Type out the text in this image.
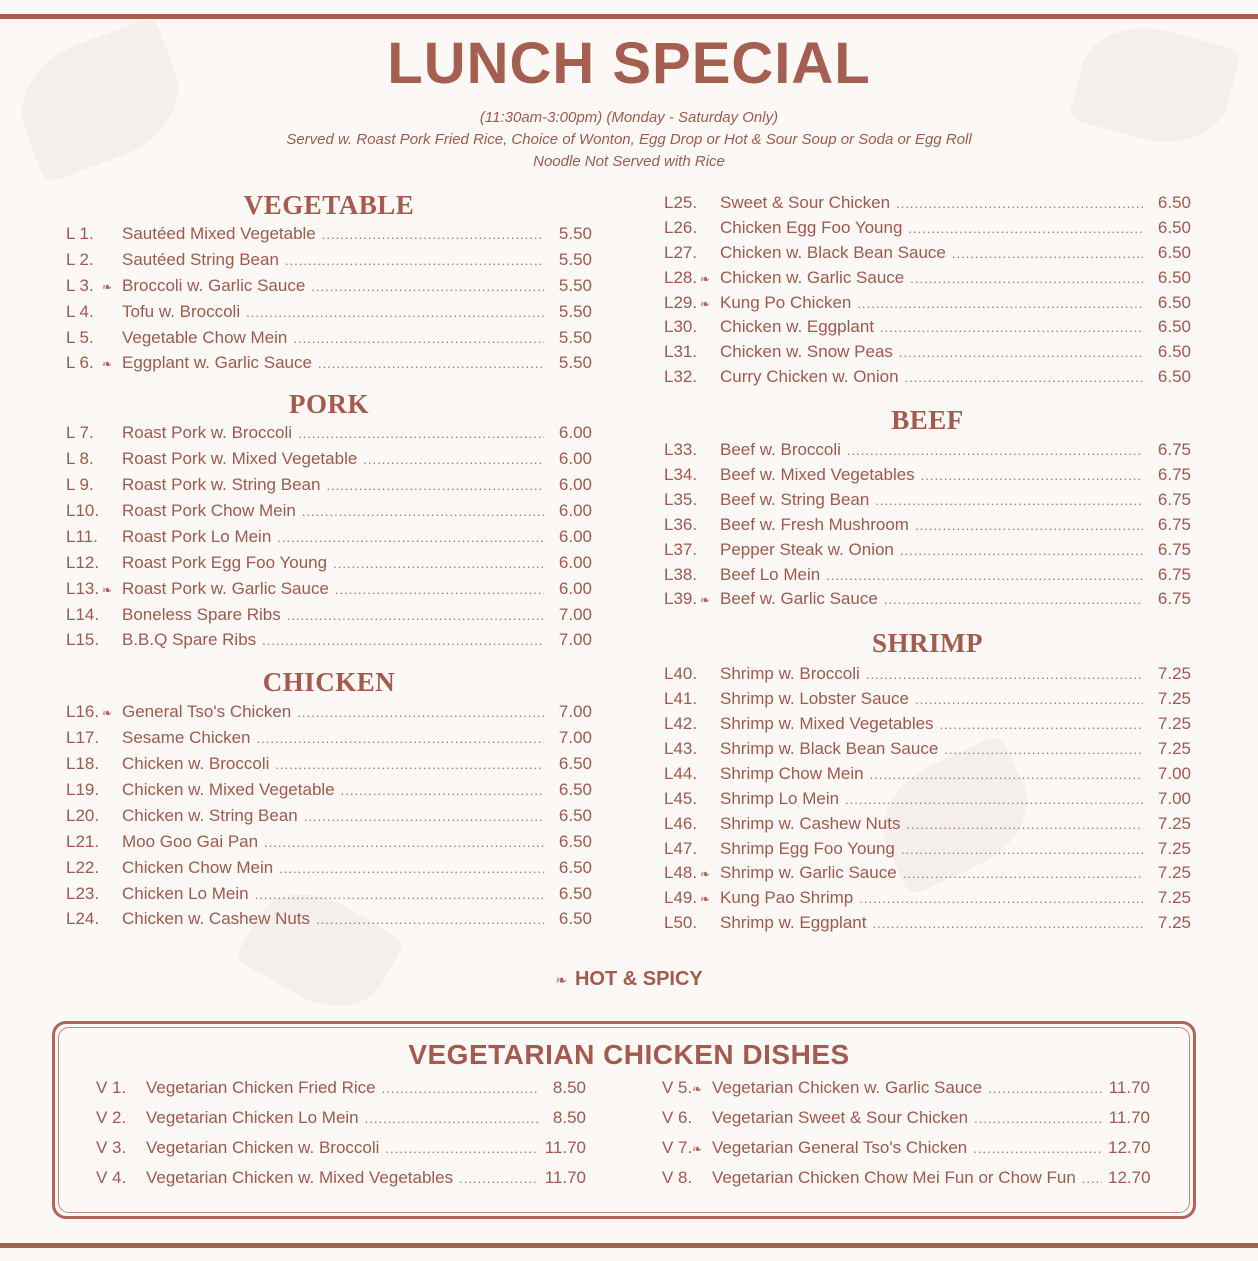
LUNCH SPECIAL
(11:30am-3:00pm) (Monday - Saturday Only)
Served w. Roast Pork Fried Rice, Choice of Wonton, Egg Drop or Hot & Sour Soup or Soda or Egg Roll
Noodle Not Served with Rice
VEGETABLE
L 1.	Sautéed Mixed Vegetable .....	5.50
L 2.	Sautéed String Bean .....	5.50
L 3. ❧ Broccoli w. Garlic Sauce .....	5.50
L 4.	Tofu w. Broccoli .....	5.50
L 5.	Vegetable Chow Mein .....	5.50
L 6. ❧ Eggplant w. Garlic Sauce .....	5.50
PORK
L 7.	Roast Pork w. Broccoli .....	6.00
L 8.	Roast Pork w. Mixed Vegetable .....	6.00
L 9.	Roast Pork w. String Bean .....	6.00
L10. Roast Pork Chow Mein .....	6.00
L11. Roast Pork Lo Mein .....	6.00
L12. Roast Pork Egg Foo Young .....	6.00
L13. ❧ Roast Pork w. Garlic Sauce .....	6.00
L14. Boneless Spare Ribs .....	7.00
L15. B.B.Q Spare Ribs .....	7.00
CHICKEN
L16. ❧ General Tso's Chicken .....	7.00
L17. Sesame Chicken .....	7.00
L18. Chicken w. Broccoli .....	6.50
L19. Chicken w. Mixed Vegetable .....	6.50
L20. Chicken w. String Bean .....	6.50
L21. Moo Goo Gai Pan .....	6.50
L22. Chicken Chow Mein .....	6.50
L23. Chicken Lo Mein .....	6.50
L24. Chicken w. Cashew Nuts .....	6.50
L25. Sweet & Sour Chicken .....	6.50
L26. Chicken Egg Foo Young .....	6.50
L27. Chicken w. Black Bean Sauce .....	6.50
L28. ❧ Chicken w. Garlic Sauce .....	6.50
L29. ❧ Kung Po Chicken .....	6.50
L30. Chicken w. Eggplant .....	6.50
L31. Chicken w. Snow Peas .....	6.50
L32. Curry Chicken w. Onion .....	6.50
BEEF
L33. Beef w. Broccoli .....	6.75
L34. Beef w. Mixed Vegetables .....	6.75
L35. Beef w. String Bean .....	6.75
L36. Beef w. Fresh Mushroom .....	6.75
L37. Pepper Steak w. Onion .....	6.75
L38. Beef Lo Mein .....	6.75
L39. ❧ Beef w. Garlic Sauce .....	6.75
SHRIMP
L40. Shrimp w. Broccoli .....	7.25
L41. Shrimp w. Lobster Sauce .....	7.25
L42. Shrimp w. Mixed Vegetables .....	7.25
L43. Shrimp w. Black Bean Sauce .....	7.25
L44. Shrimp Chow Mein .....	7.00
L45. Shrimp Lo Mein .....	7.00
L46. Shrimp w. Cashew Nuts .....	7.25
L47. Shrimp Egg Foo Young .....	7.25
L48. ❧ Shrimp w. Garlic Sauce .....	7.25
L49. ❧ Kung Pao Shrimp .....	7.25
L50. Shrimp w. Eggplant .....	7.25
❧ HOT & SPICY
VEGETARIAN CHICKEN DISHES
V 1. Vegetarian Chicken Fried Rice .....	8.50
V 2. Vegetarian Chicken Lo Mein .....	8.50
V 3. Vegetarian Chicken w. Broccoli .....	11.70
V 4. Vegetarian Chicken w. Mixed Vegetables .....	11.70
V 5. ❧ Vegetarian Chicken w. Garlic Sauce .....	11.70
V 6. Vegetarian Sweet & Sour Chicken .....	11.70
V 7. ❧ Vegetarian General Tso's Chicken .....	12.70
V 8. Vegetarian Chicken Chow Mei Fun or Chow Fun ..... 12.70
